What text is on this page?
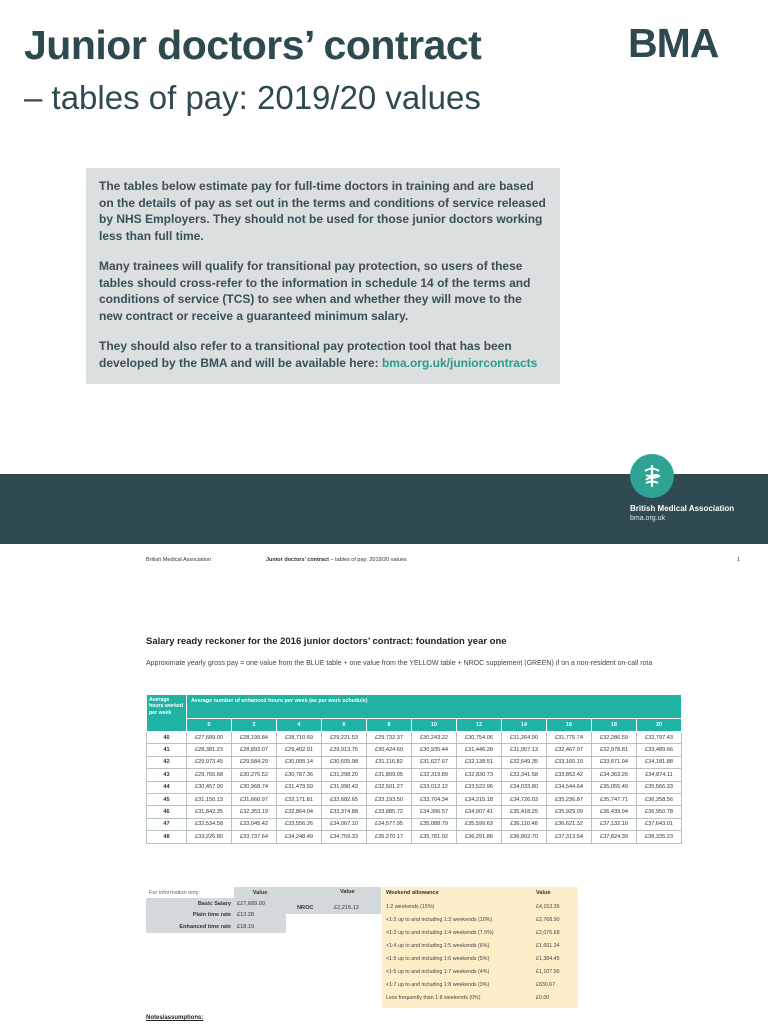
Junior doctors’ contract
– tables of pay: 2019/20 values
BMA

The tables below estimate pay for full-time doctors in training and are based on the details of pay as set out in the terms and conditions of service released by NHS Employers. They should not be used for those junior doctors working less than full time.

Many trainees will qualify for transitional pay protection, so users of these tables should cross-refer to the information in schedule 14 of the terms and conditions of service (TCS) to see when and whether they will move to the new contract or receive a guaranteed minimum salary.

They should also refer to a transitional pay protection tool that has been developed by the BMA and will be available here: bma.org.uk/juniorcontracts

British Medical Association
bma.org.uk
British Medical Association	Junior doctors’ contract – tables of pay: 2019/20 values	1
Salary ready reckoner for the 2016 junior doctors’ contract: foundation year one
Approximate yearly gross pay = one value from the BLUE table + one value from the YELLOW table + NROC supplement (GREEN) if on a non-resident on-call rota
Average hours worked per week	Average number of enhanced hours per week (as per work schedule)										
	0	2	4	6	8	10	12	14	16	18	20
40	£27,689.00	£28,199.84	£28,710.69	£29,221.53	£29,732.37	£30,243.22	£30,754.06	£31,264.90	£31,775.74	£32,286.59	£32,797.43
41	£28,381.23	£28,892.07	£29,402.91	£29,913.75	£30,424.60	£30,935.44	£31,446.28	£31,957.13	£32,467.97	£32,978.81	£33,489.66
42	£29,073.45	£29,584.29	£30,095.14	£30,605.98	£31,116.82	£31,627.67	£32,138.51	£32,649.35	£33,160.19	£33,671.04	£34,181.88
43	£29,765.68	£30,276.52	£30,787.36	£31,298.20	£31,809.05	£32,319.89	£32,830.73	£33,341.58	£33,852.42	£34,363.26	£34,874.11
44	£30,457.90	£30,968.74	£31,479.59	£31,990.43	£32,501.27	£33,012.12	£33,522.96	£34,033.80	£34,544.64	£35,055.49	£35,566.33
45	£31,150.13	£31,660.97	£32,171.81	£32,682.65	£33,193.50	£33,704.34	£34,215.18	£34,726.03	£35,236.87	£35,747.71	£36,258.56
46	£31,842.35	£32,353.19	£32,864.04	£33,374.88	£33,885.72	£34,396.57	£34,907.41	£35,418.25	£35,929.09	£36,439.94	£36,950.78
47	£32,534.58	£33,045.42	£33,556.26	£34,067.10	£34,577.95	£35,088.79	£35,599.63	£36,110.48	£36,621.32	£37,132.16	£37,643.01
48	£33,226.80	£33,737.64	£34,248.49	£34,759.33	£35,270.17	£35,781.02	£36,291.86	£36,802.70	£37,313.54	£37,824.39	£38,335.23
For information only:	Value
Basic Salary	£27,689.00
Plain time rate	£13.28
Enhanced time rate	£18.19
Value
NROC	£2,215.12
Weekend allowance	Value
1:2 weekends (15%)	£4,153.35
<1:2 up to and including 1:3 weekends (10%)	£2,768.90
<1:3 up to and including 1:4 weekends (7.5%)	£2,076.68
<1:4 up to and including 1:5 weekends (6%)	£1,661.34
<1:5 up to and including 1:6 weekends (5%)	£1,384.45
<1:6 up to and including 1:7 weekends (4%)	£1,107.56
<1:7 up to and including 1:8 weekends (3%)	£830.67
Less frequently than 1:8 weekends (0%)	£0.00
Notes/assumptions:
